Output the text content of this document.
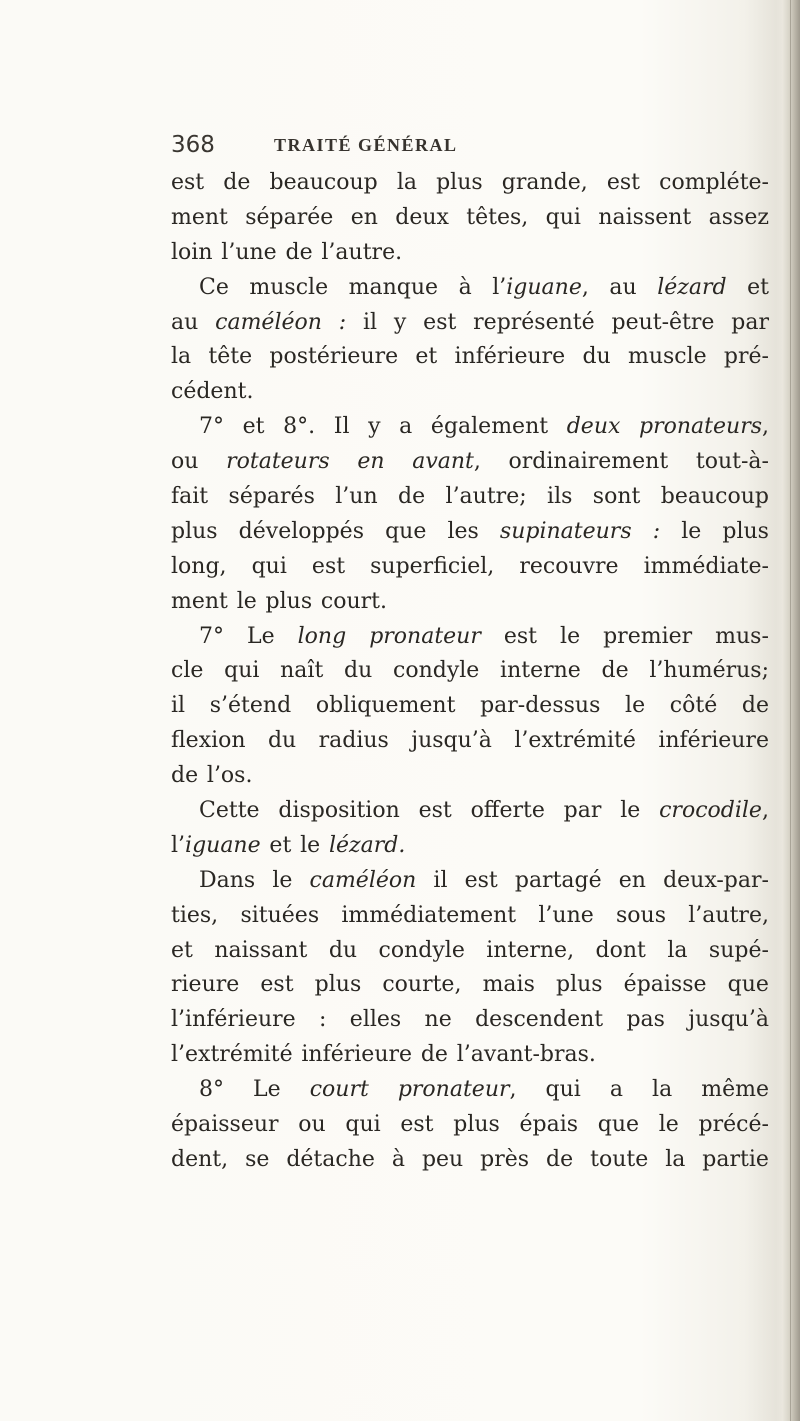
368	TRAITÉ GÉNÉRAL
est de beaucoup la plus grande, est compléte-
ment séparée en deux têtes, qui naissent assez
loin l’une de l’autre.
Ce muscle manque à l’iguane, au lézard et
au caméléon : il y est représenté peut-être par
la tête postérieure et inférieure du muscle pré-
cédent.
7° et 8°. Il y a également deux pronateurs,
ou rotateurs en avant, ordinairement tout-à-
fait séparés l’un de l’autre; ils sont beaucoup
plus développés que les supinateurs : le plus
long, qui est superficiel, recouvre immédiate-
ment le plus court.
7° Le long pronateur est le premier mus-
cle qui naît du condyle interne de l’humérus;
il s’étend obliquement par-dessus le côté de
flexion du radius jusqu’à l’extrémité inférieure
de l’os.
Cette disposition est offerte par le crocodile,
l’iguane et le lézard.
Dans le caméléon il est partagé en deux-par-
ties, situées immédiatement l’une sous l’autre,
et naissant du condyle interne, dont la supé-
rieure est plus courte, mais plus épaisse que
l’inférieure : elles ne descendent pas jusqu’à
l’extrémité inférieure de l’avant-bras.
8° Le court pronateur, qui a la même
épaisseur ou qui est plus épais que le précé-
dent, se détache à peu près de toute la partie
